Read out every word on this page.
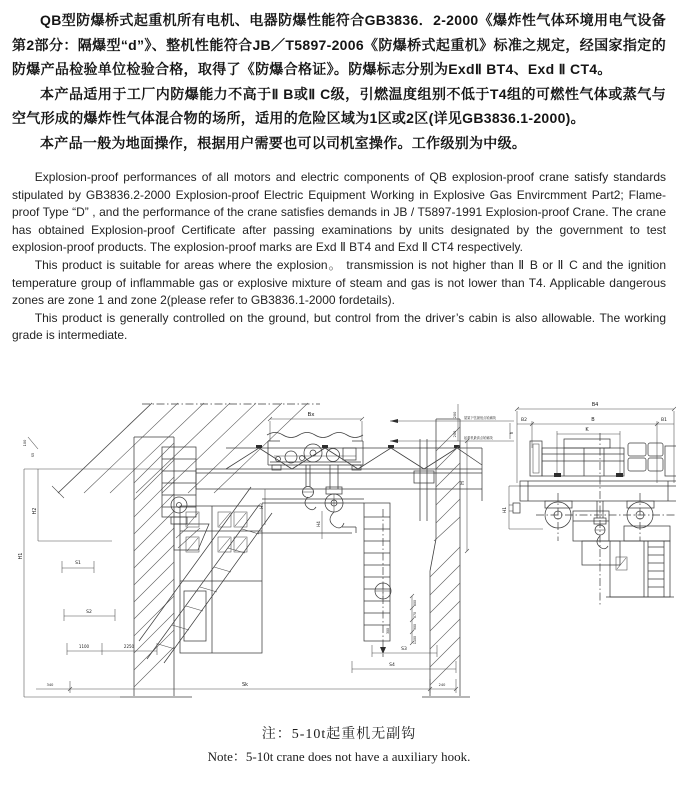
QB型防爆桥式起重机所有电机、电器防爆性能符合GB3836．2-2000《爆炸性气体环境用电气设备第2部分：隔爆型“d”》、整机性能符合JB／T5897-2006《防爆桥式起重机》标准之规定，经国家指定的防爆产品检验单位检验合格，取得了《防爆合格证》。防爆标志分别为ExdⅡ BT4、Exd Ⅱ CT4。

本产品适用于工厂内防爆能力不高于Ⅱ B或Ⅱ C级，引燃温度组别不低于T4组的可燃性气体或蒸气与空气形成的爆炸性气体混合物的场所，适用的危险区域为1区或2区(详见GB3836.1-2000)。

本产品一般为地面操作，根据用户需要也可以司机室操作。工作级别为中级。

Explosion-proof performances of all motors and electric components of QB explosion-proof crane satisfy standards stipulated by GB3836.2-2000 Explosion-proof Electric Equipment Working in Explosive Gas Envircmment Part2; Flame-proof Type “D” , and the performance of the crane satisfies demands in JB / T5897-1991 Explosion-proof Crane. The crane has obtained Explosion-proof Certificate after passing examinations by units designated by the government to test explosion-proof products. The explosion-proof marks are Exd Ⅱ BT4 and Exd Ⅱ CT4 respectively.

This product is suitable for areas where the explosion。 transmission is not higher than Ⅱ B or Ⅱ C and the ignition temperature group of inflammable gas or explosive mixture of steam and gas is not lower than T4. Applicable dangerous zones are zone 1 and zone 2(please refer to GB3836.1-2000 fordetails).

This product is generally controlled on the ground, but control from the driver’s cabin is also allowable. The working grade is intermediate.

Bx
100
S5
屋架下弦最低点轮廓线
起重机最高点轮廓线
200
200	h
H
H2
H1
S1
H3
H4
S2
1100	2250
600
870
900
300
1100
S3
S4
340	Sk	240
B4
B2	B	B1
K
H1
注：5-10t起重机无副钩
Note：5-10t crane does not have a auxiliary hook.
